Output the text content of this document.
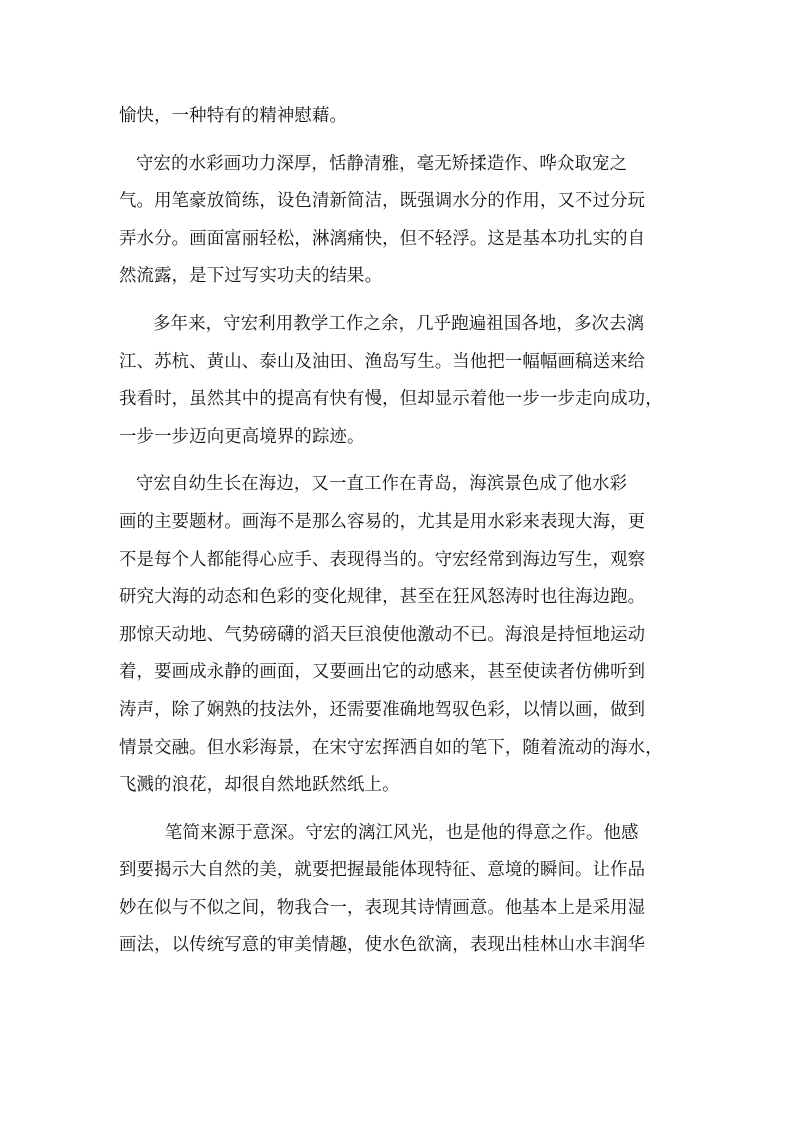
愉快，一种特有的精神慰藉。
守宏的水彩画功力深厚，恬静清雅，毫无矫揉造作、哗众取宠之
气。用笔豪放简练，设色清新简洁，既强调水分的作用，又不过分玩
弄水分。画面富丽轻松，淋漓痛快，但不轻浮。这是基本功扎实的自
然流露，是下过写实功夫的结果。
多年来，守宏利用教学工作之余，几乎跑遍祖国各地，多次去漓
江、苏杭、黄山、泰山及油田、渔岛写生。当他把一幅幅画稿送来给
我看时，虽然其中的提高有快有慢，但却显示着他一步一步走向成功，
一步一步迈向更高境界的踪迹。
守宏自幼生长在海边，又一直工作在青岛，海滨景色成了他水彩
画的主要题材。画海不是那么容易的，尤其是用水彩来表现大海，更
不是每个人都能得心应手、表现得当的。守宏经常到海边写生，观察
研究大海的动态和色彩的变化规律，甚至在狂风怒涛时也往海边跑。
那惊天动地、气势磅礴的滔天巨浪使他激动不已。海浪是持恒地运动
着，要画成永静的画面，又要画出它的动感来，甚至使读者仿佛听到
涛声，除了娴熟的技法外，还需要准确地驾驭色彩，以情以画，做到
情景交融。但水彩海景，在宋守宏挥洒自如的笔下，随着流动的海水，
飞溅的浪花，却很自然地跃然纸上。
笔简来源于意深。守宏的漓江风光，也是他的得意之作。他感
到要揭示大自然的美，就要把握最能体现特征、意境的瞬间。让作品
妙在似与不似之间，物我合一，表现其诗情画意。他基本上是采用湿
画法，以传统写意的审美情趣，使水色欲滴，表现出桂林山水丰润华
